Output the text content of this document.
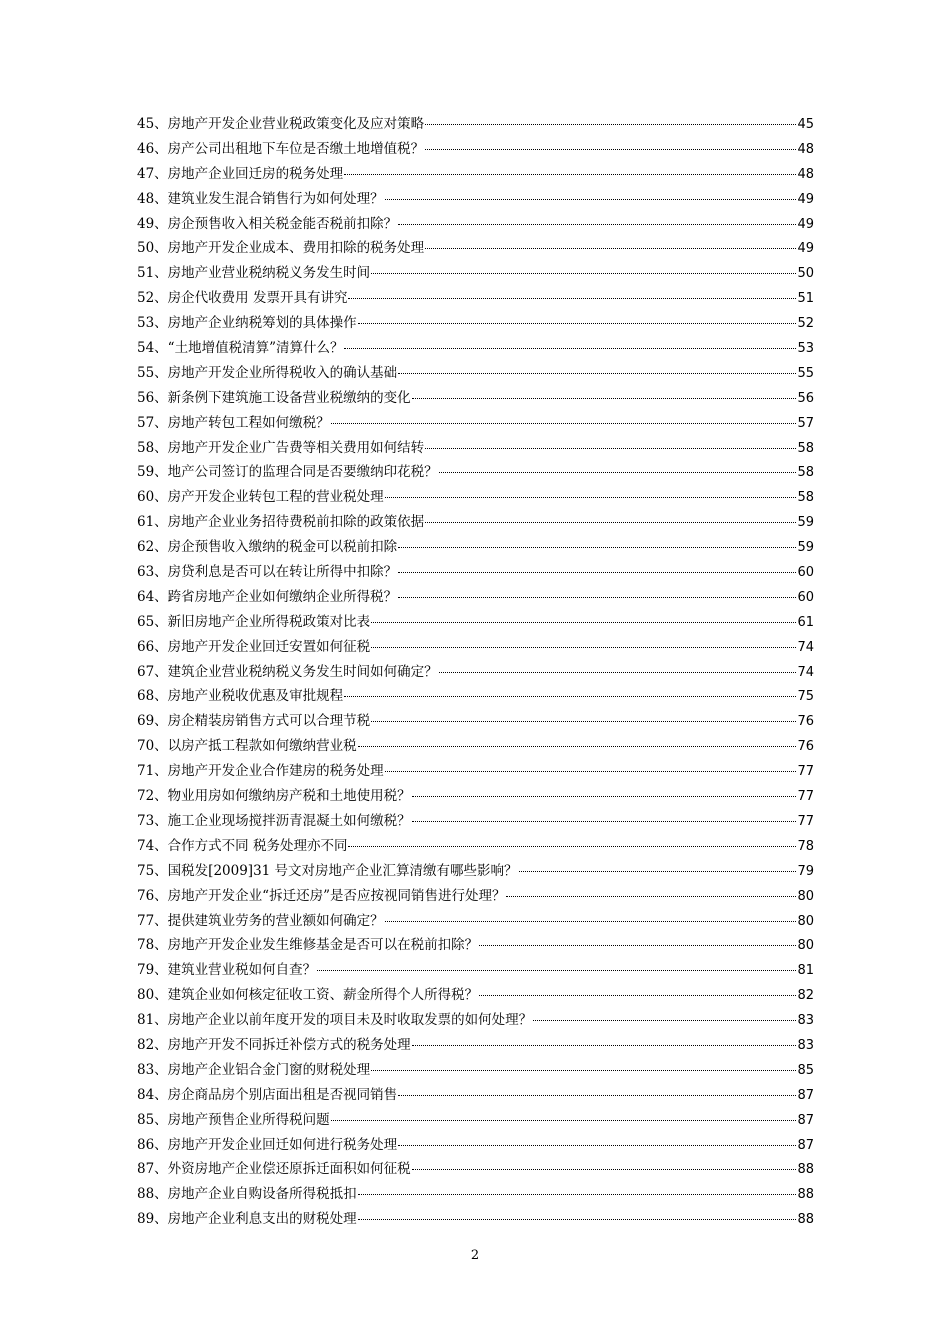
45、房地产开发企业营业税政策变化及应对策略	45
46、房产公司出租地下车位是否缴土地增值税？	48
47、房地产企业回迁房的税务处理	48
48、建筑业发生混合销售行为如何处理？	49
49、房企预售收入相关税金能否税前扣除？	49
50、房地产开发企业成本、费用扣除的税务处理	49
51、房地产业营业税纳税义务发生时间	50
52、房企代收费用 发票开具有讲究	51
53、房地产企业纳税筹划的具体操作	52
54、“土地增值税清算”清算什么？	53
55、房地产开发企业所得税收入的确认基础	55
56、新条例下建筑施工设备营业税缴纳的变化	56
57、房地产转包工程如何缴税？	57
58、房地产开发企业广告费等相关费用如何结转	58
59、地产公司签订的监理合同是否要缴纳印花税？	58
60、房产开发企业转包工程的营业税处理	58
61、房地产企业业务招待费税前扣除的政策依据	59
62、房企预售收入缴纳的税金可以税前扣除	59
63、房贷利息是否可以在转让所得中扣除？	60
64、跨省房地产企业如何缴纳企业所得税？	60
65、新旧房地产企业所得税政策对比表	61
66、房地产开发企业回迁安置如何征税	74
67、建筑企业营业税纳税义务发生时间如何确定？	74
68、房地产业税收优惠及审批规程	75
69、房企精装房销售方式可以合理节税	76
70、以房产抵工程款如何缴纳营业税	76
71、房地产开发企业合作建房的税务处理	77
72、物业用房如何缴纳房产税和土地使用税？	77
73、施工企业现场搅拌沥青混凝土如何缴税？	77
74、合作方式不同 税务处理亦不同	78
75、国税发[2009]31 号文对房地产企业汇算清缴有哪些影响？	79
76、房地产开发企业“拆迁还房”是否应按视同销售进行处理？	80
77、提供建筑业劳务的营业额如何确定？	80
78、房地产开发企业发生维修基金是否可以在税前扣除？	80
79、建筑业营业税如何自查？	81
80、建筑企业如何核定征收工资、薪金所得个人所得税？	82
81、房地产企业以前年度开发的项目未及时收取发票的如何处理？	83
82、房地产开发不同拆迁补偿方式的税务处理	83
83、房地产企业铝合金门窗的财税处理	85
84、房企商品房个别店面出租是否视同销售	87
85、房地产预售企业所得税问题	87
86、房地产开发企业回迁如何进行税务处理	87
87、外资房地产企业偿还原拆迁面积如何征税	88
88、房地产企业自购设备所得税抵扣	88
89、房地产企业利息支出的财税处理	88
2
